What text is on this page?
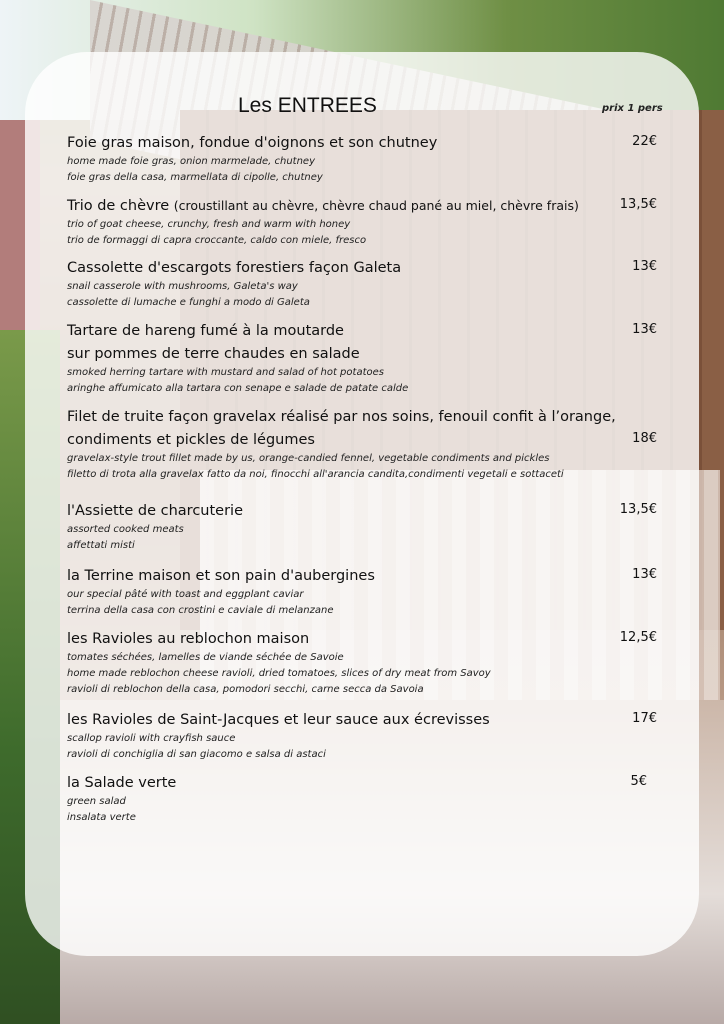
Les ENTREES	prix 1 pers
22€

Foie gras maison, fondue d'oignons et son chutney

home made foie gras, onion marmelade, chutney

foie gras della casa, marmellata di cipolle, chutney

13,5€

Trio de chèvre (croustillant au chèvre, chèvre chaud pané au miel, chèvre frais)

trio of goat cheese, crunchy, fresh and warm with honey

trio de formaggi di capra croccante, caldo con miele, fresco

13€

Cassolette d'escargots forestiers façon Galeta

snail casserole with mushrooms, Galeta's way

cassolette di lumache e funghi a modo di Galeta

13€

Tartare de hareng fumé à la moutarde

sur pommes de terre chaudes en salade

smoked herring tartare with mustard and salad of hot potatoes

aringhe affumicato alla tartara con senape e salade de patate calde

18€

Filet de truite façon gravelax réalisé par nos soins, fenouil confit à l’orange,

condiments et pickles de légumes

gravelax-style trout fillet made by us, orange-candied fennel, vegetable condiments and pickles

filetto di trota alla gravelax fatto da noi, finocchi all'arancia candita,condimenti vegetali e sottaceti

13,5€

l'Assiette de charcuterie

assorted cooked meats

affettati misti

13€

la Terrine maison et son pain d'aubergines

our special pâté with toast and eggplant caviar

terrina della casa con crostini e caviale di melanzane

12,5€

les Ravioles au reblochon maison

tomates séchées, lamelles de viande séchée de Savoie

home made reblochon cheese ravioli, dried tomatoes, slices of dry meat from Savoy

ravioli di reblochon della casa, pomodori secchi, carne secca da Savoia

17€

les Ravioles de Saint-Jacques et leur sauce aux écrevisses

scallop ravioli with crayfish sauce

ravioli di conchiglia di san giacomo e salsa di astaci

5€

la Salade verte

green salad

insalata verte
